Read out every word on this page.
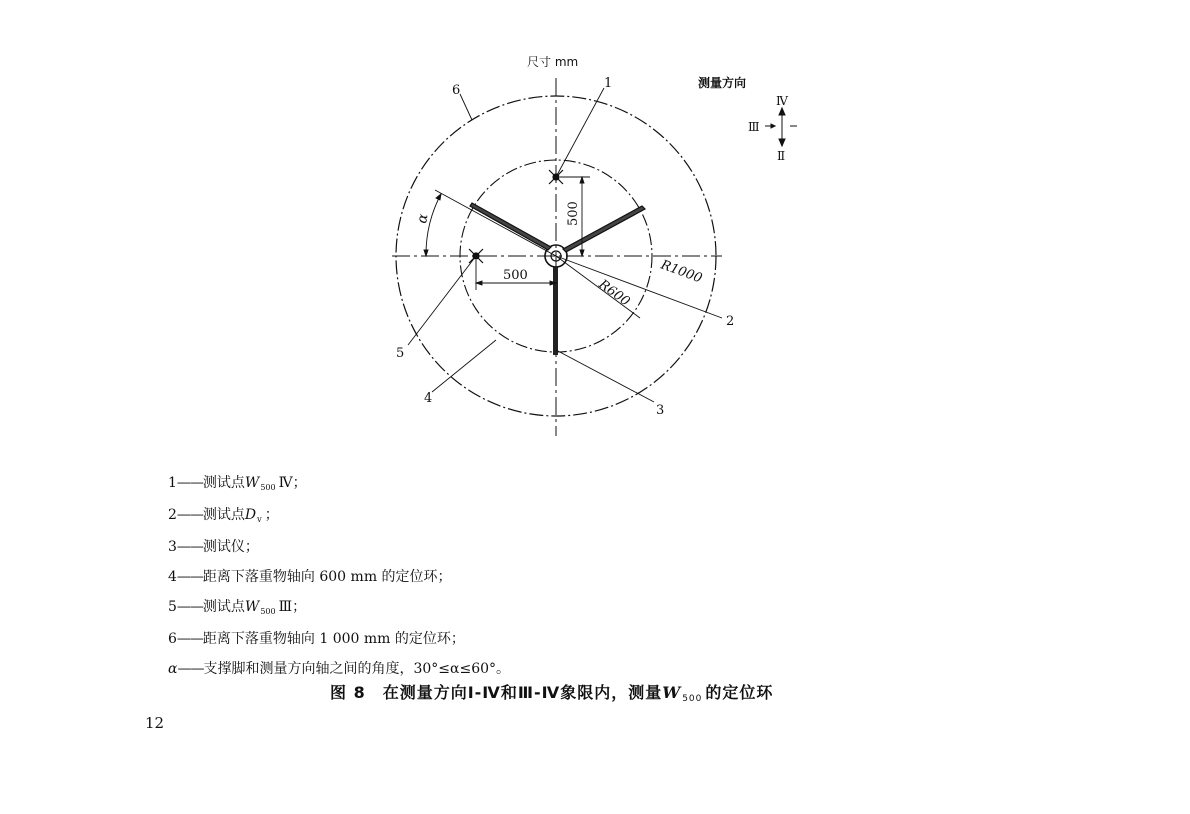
500
500
α
R600
R1000
1
2
3
4
5
6
尺寸 mm
测量方向
Ⅳ
Ⅲ
Ⅱ
1 —— 测试点 W 500 Ⅳ；
2 —— 测试点 D v ；
3 —— 测试仪；
4 —— 距离下落重物轴向 600 mm 的定位环；
5 —— 测试点 W 500 Ⅲ；
6 —— 距离下落重物轴向 1 000 mm 的定位环；
α —— 支撑脚和测量方向轴之间的角度，30°≤α≤60°。
图 8　在测量方向Ⅰ-Ⅳ和Ⅲ-Ⅳ象限内，测量W500 的定位环
12
